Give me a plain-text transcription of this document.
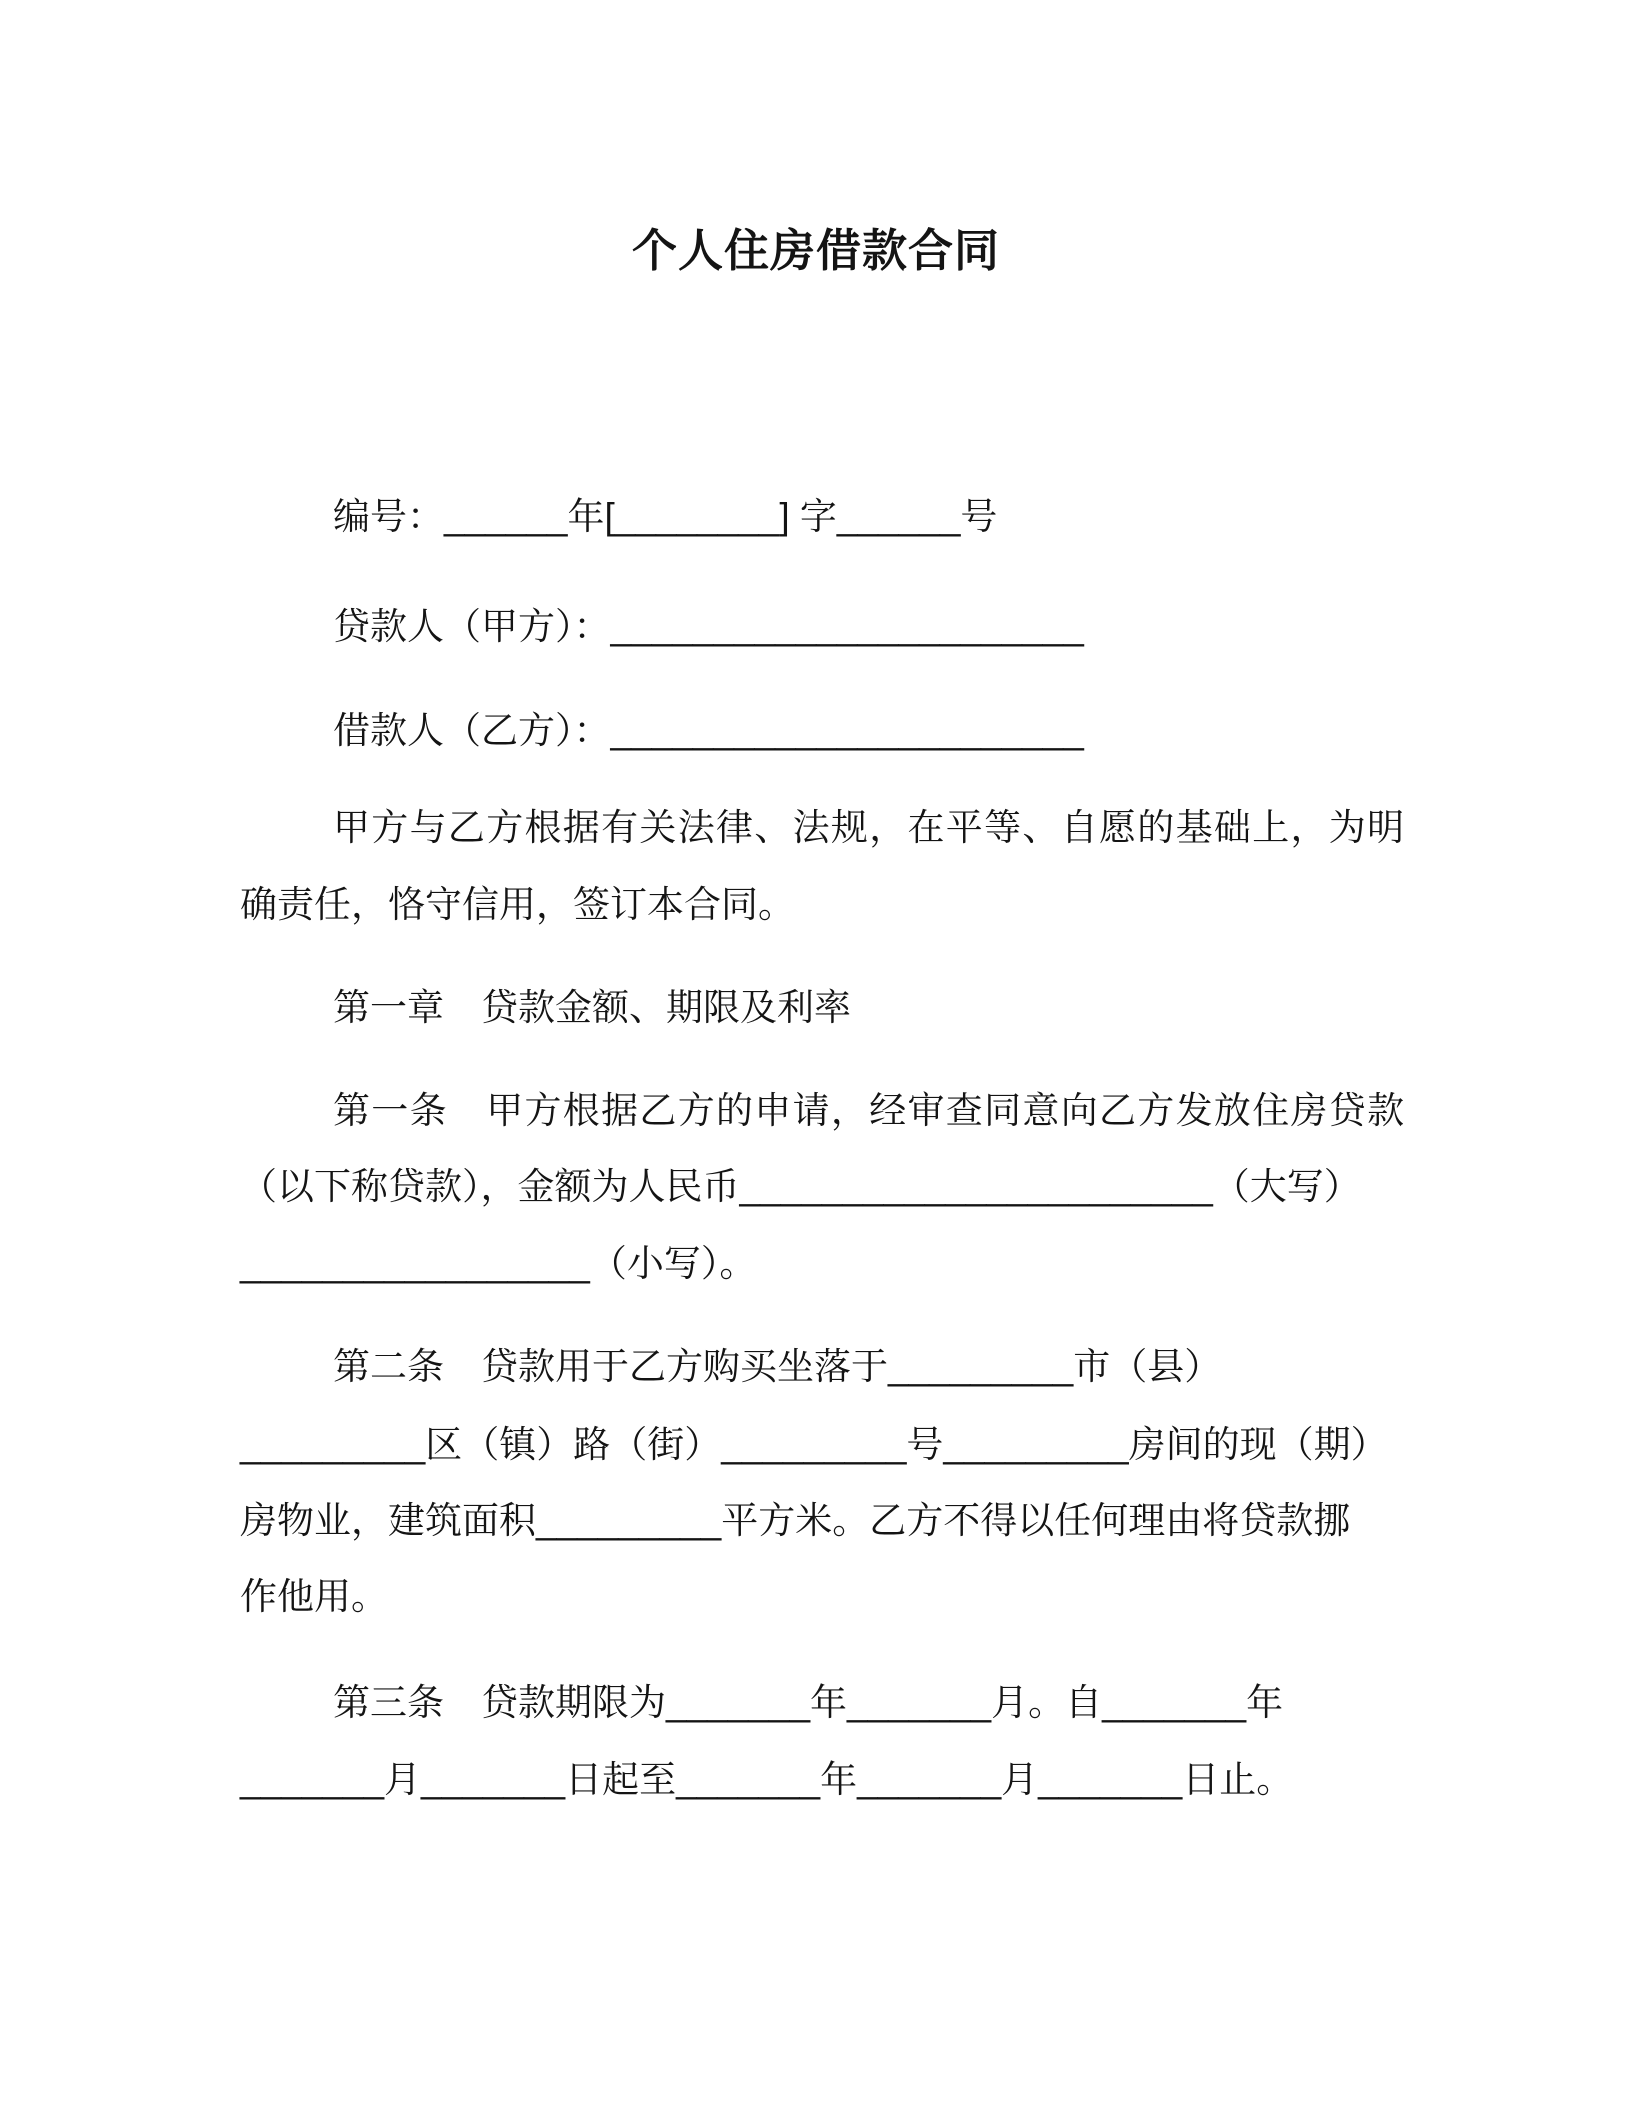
个人住房借款合同
编号：______年[________] 字______号
贷款人（甲方）：_______________________
借款人（乙方）：_______________________
甲方与乙方根据有关法律、法规，在平等、自愿的基础上，为明
确责任，恪守信用，签订本合同。
第一章　贷款金额、期限及利率
第一条　甲方根据乙方的申请，经审查同意向乙方发放住房贷款
（以下称贷款），金额为人民币_______________________（大写）
_________________（小写）。
第二条　贷款用于乙方购买坐落于_________市（县）
_________区（镇）路（街）_________号_________房间的现（期）
房物业，建筑面积_________平方米。乙方不得以任何理由将贷款挪
作他用。
第三条　贷款期限为_______年_______月。自_______年
_______月_______日起至_______年_______月_______日止。
